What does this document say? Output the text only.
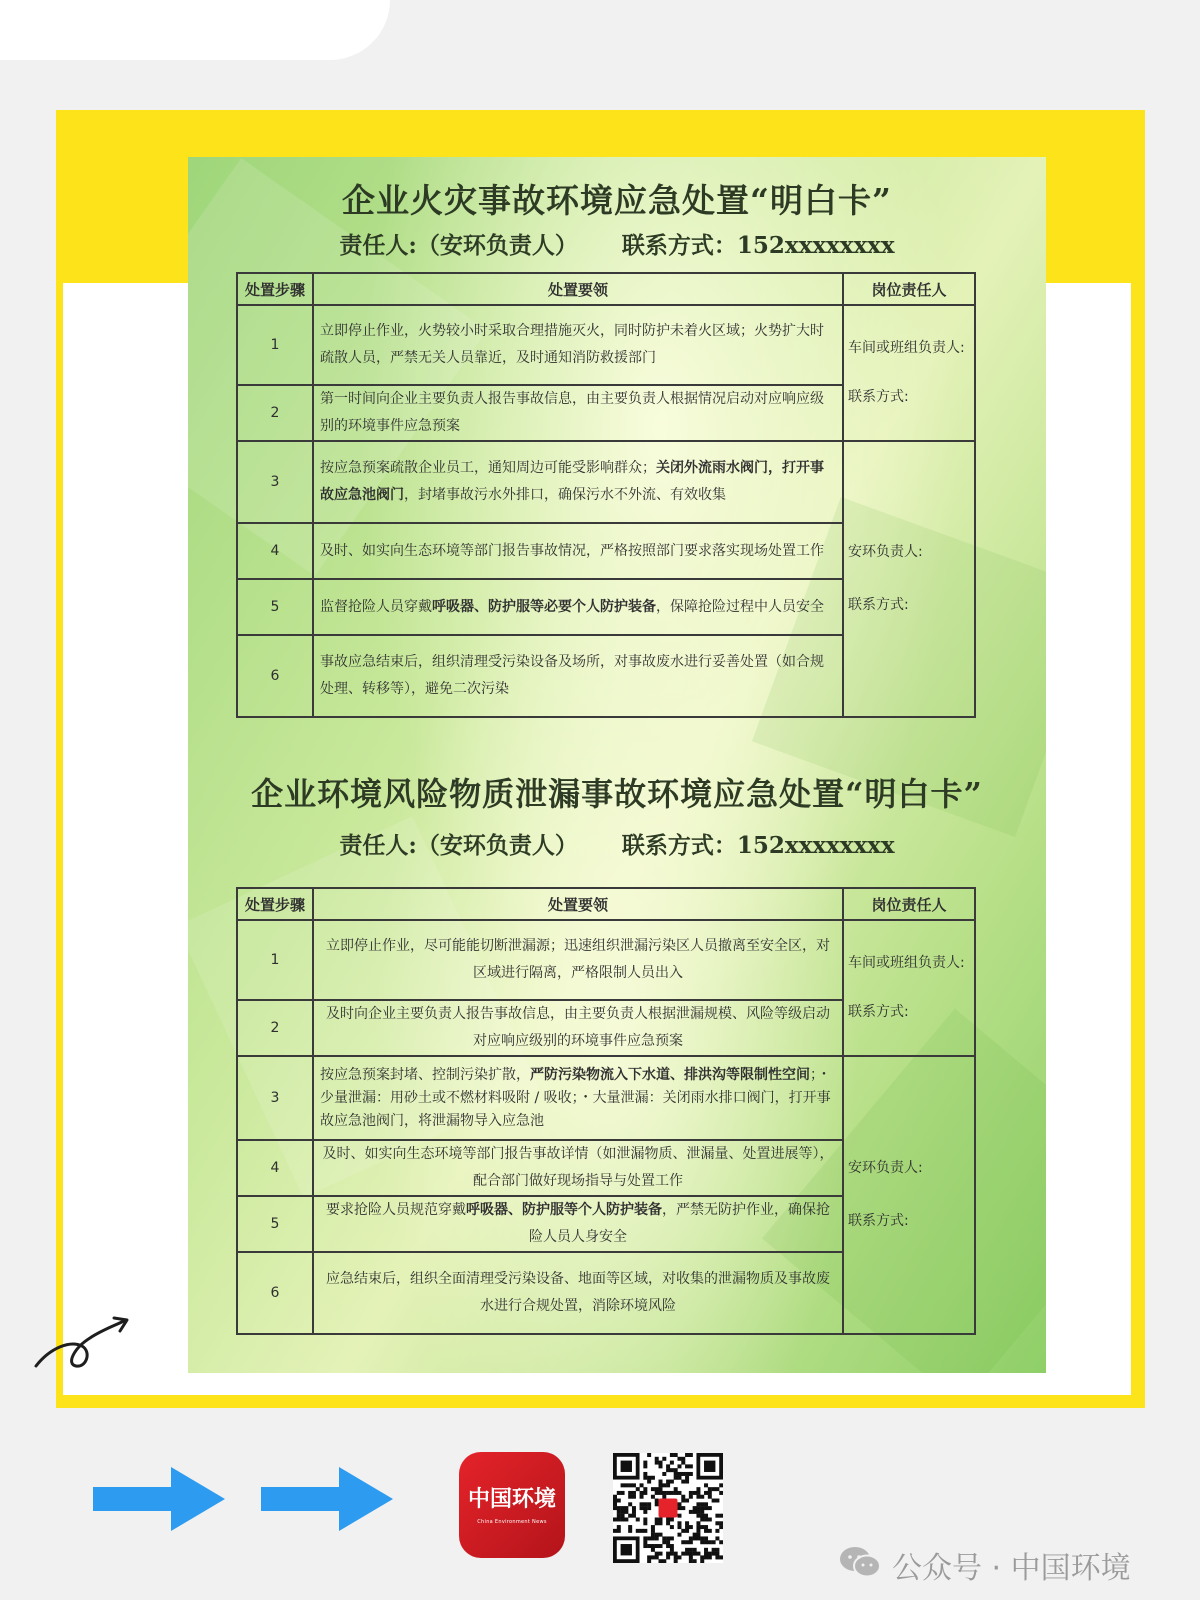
企业火灾事故环境应急处置“明白卡”
责任人:（安环负责人） 联系方式：152xxxxxxxx
处置步骤	处置要领	岗位责任人
1	立即停止作业，火势较小时采取合理措施灭火，同时防护未着火区域；火势扩大时疏散人员，严禁无关人员靠近，及时通知消防救援部门	车间或班组负责人:
联系方式:

2	第一时间向企业主要负责人报告事故信息，由主要负责人根据情况启动对应响应级别的环境事件应急预案	
3	按应急预案疏散企业员工，通知周边可能受影响群众；关闭外流雨水阀门，打开事故应急池阀门，封堵事故污水外排口，确保污水不外流、有效收集	安环负责人:
联系方式:

4	及时、如实向生态环境等部门报告事故情况，严格按照部门要求落实现场处置工作	
5	监督抢险人员穿戴呼吸器、防护服等必要个人防护装备，保障抢险过程中人员安全	
6	事故应急结束后，组织清理受污染设备及场所，对事故废水进行妥善处置（如合规处理、转移等），避免二次污染	
企业环境风险物质泄漏事故环境应急处置“明白卡”
责任人:（安环负责人） 联系方式：152xxxxxxxx
处置步骤	处置要领	岗位责任人
1	立即停止作业，尽可能能切断泄漏源；迅速组织泄漏污染区人员撤离至安全区，对区域进行隔离，严格限制人员出入	车间或班组负责人:
联系方式:

2	及时向企业主要负责人报告事故信息，由主要负责人根据泄漏规模、风险等级启动对应响应级别的环境事件应急预案	
3	按应急预案封堵、控制污染扩散，严防污染物流入下水道、排洪沟等限制性空间；・少量泄漏：用砂土或不燃材料吸附 / 吸收；・大量泄漏：关闭雨水排口阀门，打开事故应急池阀门，将泄漏物导入应急池	安环负责人:
联系方式:

4	及时、如实向生态环境等部门报告事故详情（如泄漏物质、泄漏量、处置进展等），配合部门做好现场指导与处置工作	
5	要求抢险人员规范穿戴呼吸器、防护服等个人防护装备，严禁无防护作业，确保抢险人员人身安全	
6	应急结束后，组织全面清理受污染设备、地面等区域，对收集的泄漏物质及事故废水进行合规处置，消除环境风险	
中国环境
China Environment News
公众号 · 中国环境
